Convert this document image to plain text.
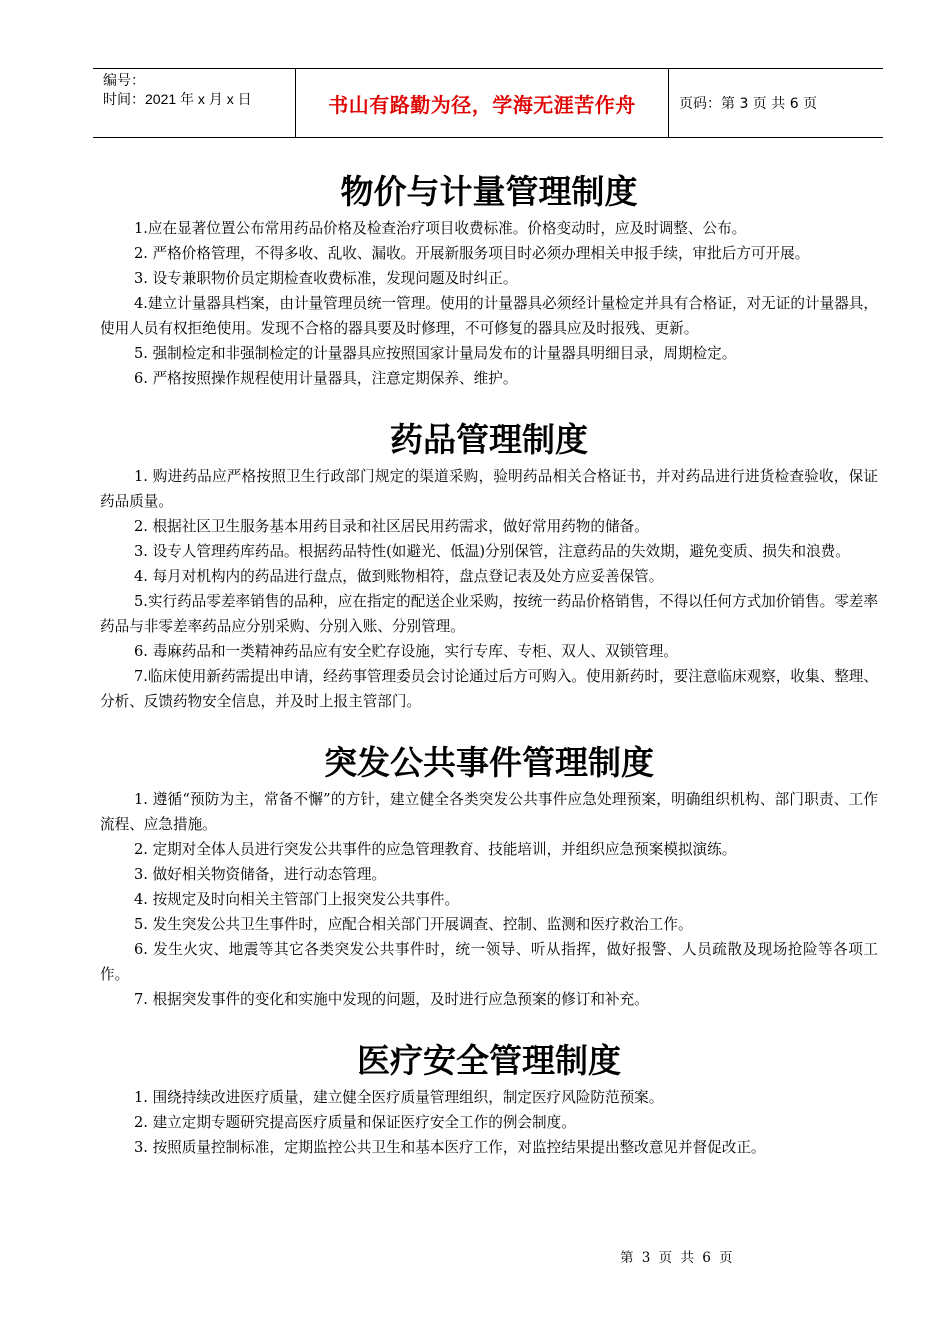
编号：
时间：2021 年 x 月 x 日	书山有路勤为径，学海无涯苦作舟	页码：第 3 页 共 6 页
物价与计量管理制度

1.应在显著位置公布常用药品价格及检查治疗项目收费标准。价格变动时，应及时调整、公布。

2. 严格价格管理，不得多收、乱收、漏收。开展新服务项目时必须办理相关申报手续，审批后方可开展。

3. 设专兼职物价员定期检查收费标准，发现问题及时纠正。

4.建立计量器具档案，由计量管理员统一管理。使用的计量器具必须经计量检定并具有合格证，对无证的计量器具，使用人员有权拒绝使用。发现不合格的器具要及时修理，不可修复的器具应及时报残、更新。

5. 强制检定和非强制检定的计量器具应按照国家计量局发布的计量器具明细目录，周期检定。

6. 严格按照操作规程使用计量器具，注意定期保养、维护。

药品管理制度

1. 购进药品应严格按照卫生行政部门规定的渠道采购，验明药品相关合格证书，并对药品进行进货检查验收，保证药品质量。

2. 根据社区卫生服务基本用药目录和社区居民用药需求，做好常用药物的储备。

3. 设专人管理药库药品。根据药品特性(如避光、低温)分别保管，注意药品的失效期，避免变质、损失和浪费。

4. 每月对机构内的药品进行盘点，做到账物相符，盘点登记表及处方应妥善保管。

5.实行药品零差率销售的品种，应在指定的配送企业采购，按统一药品价格销售，不得以任何方式加价销售。零差率药品与非零差率药品应分别采购、分别入账、分别管理。

6. 毒麻药品和一类精神药品应有安全贮存设施，实行专库、专柜、双人、双锁管理。

7.临床使用新药需提出申请，经药事管理委员会讨论通过后方可购入。使用新药时，要注意临床观察，收集、整理、分析、反馈药物安全信息，并及时上报主管部门。

突发公共事件管理制度

1. 遵循“预防为主，常备不懈”的方针，建立健全各类突发公共事件应急处理预案，明确组织机构、部门职责、工作流程、应急措施。

2. 定期对全体人员进行突发公共事件的应急管理教育、技能培训，并组织应急预案模拟演练。

3. 做好相关物资储备，进行动态管理。

4. 按规定及时向相关主管部门上报突发公共事件。

5. 发生突发公共卫生事件时，应配合相关部门开展调查、控制、监测和医疗救治工作。

6. 发生火灾、地震等其它各类突发公共事件时，统一领导、听从指挥，做好报警、人员疏散及现场抢险等各项工作。

7. 根据突发事件的变化和实施中发现的问题，及时进行应急预案的修订和补充。

医疗安全管理制度

1. 围绕持续改进医疗质量，建立健全医疗质量管理组织，制定医疗风险防范预案。

2. 建立定期专题研究提高医疗质量和保证医疗安全工作的例会制度。

3. 按照质量控制标准，定期监控公共卫生和基本医疗工作，对监控结果提出整改意见并督促改正。

第 3 页 共 6 页
